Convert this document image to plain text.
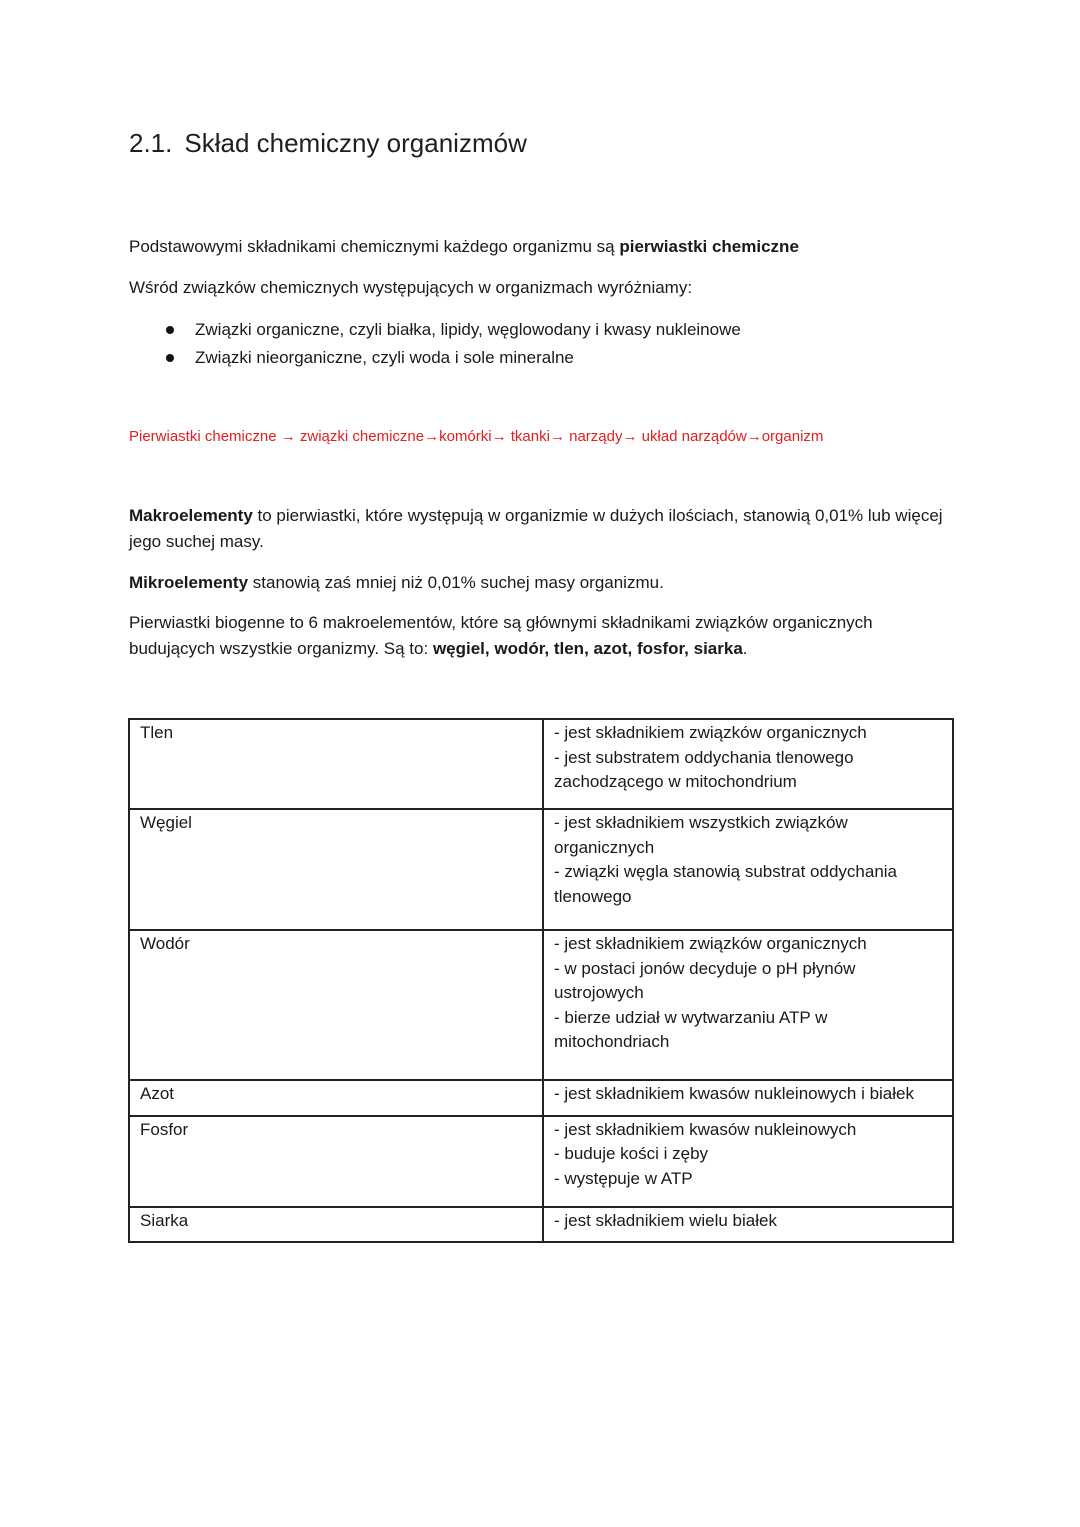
2.1. Skład chemiczny organizmów

Podstawowymi składnikami chemicznymi każdego organizmu są pierwiastki chemiczne

Wśród związków chemicznych występujących w organizmach wyróżniamy:

Związki organiczne, czyli białka, lipidy, węglowodany i kwasy nukleinowe
Związki nieorganiczne, czyli woda i sole mineralne
Pierwiastki chemiczne → związki chemiczne→komórki→ tkanki→ narządy→ układ narządów→organizm

Makroelementy to pierwiastki, które występują w organizmie w dużych ilościach, stanowią 0,01% lub więcej jego suchej masy.

Mikroelementy stanowią zaś mniej niż 0,01% suchej masy organizmu.

Pierwiastki biogenne to 6 makroelementów, które są głównymi składnikami związków organicznych budujących wszystkie organizmy. Są to: węgiel, wodór, tlen, azot, fosfor, siarka.

Tlen	- jest składnikiem związków organicznych
- jest substratem oddychania tlenowego zachodzącego w mitochondrium

Węgiel	- jest składnikiem wszystkich związków organicznych
- związki węgla stanowią substrat oddychania tlenowego

Wodór	- jest składnikiem związków organicznych
- w postaci jonów decyduje o pH płynów ustrojowych
- bierze udział w wytwarzaniu ATP w mitochondriach

Azot	- jest składnikiem kwasów nukleinowych i białek

Fosfor	- jest składnikiem kwasów nukleinowych
- buduje kości i zęby
- występuje w ATP

Siarka	- jest składnikiem wielu białek
